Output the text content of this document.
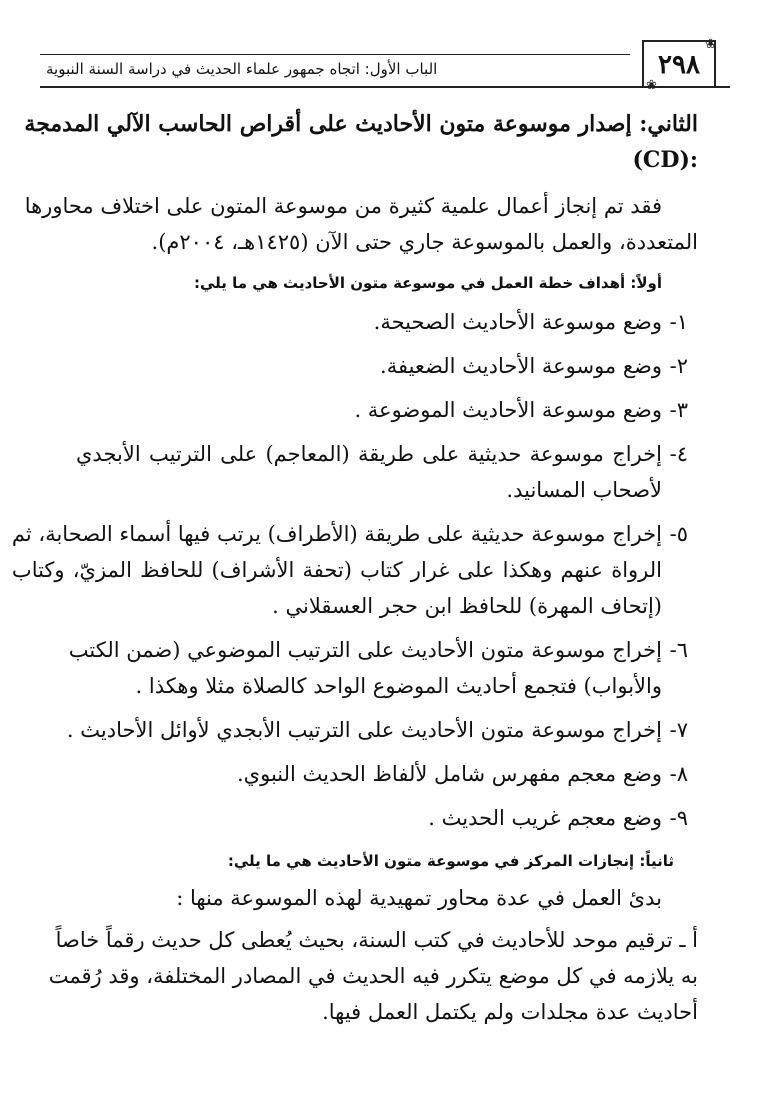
❀
❀
٢٩٨
الباب الأول: اتجاه جمهور علماء الحديث في دراسة السنة النبوية
الثاني: إصدار موسوعة متون الأحاديث على أقراص الحاسب الآلي المدمجة
:(CD)
فقد تم إنجاز أعمال علمية كثيرة من موسوعة المتون على اختلاف محاورها
المتعددة، والعمل بالموسوعة جاري حتى الآن (١٤٢٥هـ، ٢٠٠٤م).
أولاً: أهداف خطة العمل في موسوعة متون الأحاديث هي ما يلي:
١-
وضع موسوعة الأحاديث الصحيحة.
٢-
وضع موسوعة الأحاديث الضعيفة.
٣-
وضع موسوعة الأحاديث الموضوعة .
٤-
إخراج موسوعة حديثية على طريقة (المعاجم) على الترتيب الأبجدي
لأصحاب المسانيد.
٥-
إخراج موسوعة حديثية على طريقة (الأطراف) يرتب فيها أسماء الصحابة، ثم
الرواة عنهم وهكذا على غرار كتاب (تحفة الأشراف) للحافظ المزيّ، وكتاب
(إتحاف المهرة) للحافظ ابن حجر العسقلاني .
٦-
إخراج موسوعة متون الأحاديث على الترتيب الموضوعي (ضمن الكتب
والأبواب) فتجمع أحاديث الموضوع الواحد كالصلاة مثلا وهكذا .
٧-
إخراج موسوعة متون الأحاديث على الترتيب الأبجدي لأوائل الأحاديث .
٨-
وضع معجم مفهرس شامل لألفاظ الحديث النبوي.
٩-
وضع معجم غريب الحديث .
ثانياً: إنجازات المركز في موسوعة متون الأحاديث هي ما يلي:
بدئ العمل في عدة محاور تمهيدية لهذه الموسوعة منها :
أ ـ ترقيم موحد للأحاديث في كتب السنة، بحيث يُعطى كل حديث رقماً خاصاً
به يلازمه في كل موضع يتكرر فيه الحديث في المصادر المختلفة، وقد رُقمت
أحاديث عدة مجلدات ولم يكتمل العمل فيها.
